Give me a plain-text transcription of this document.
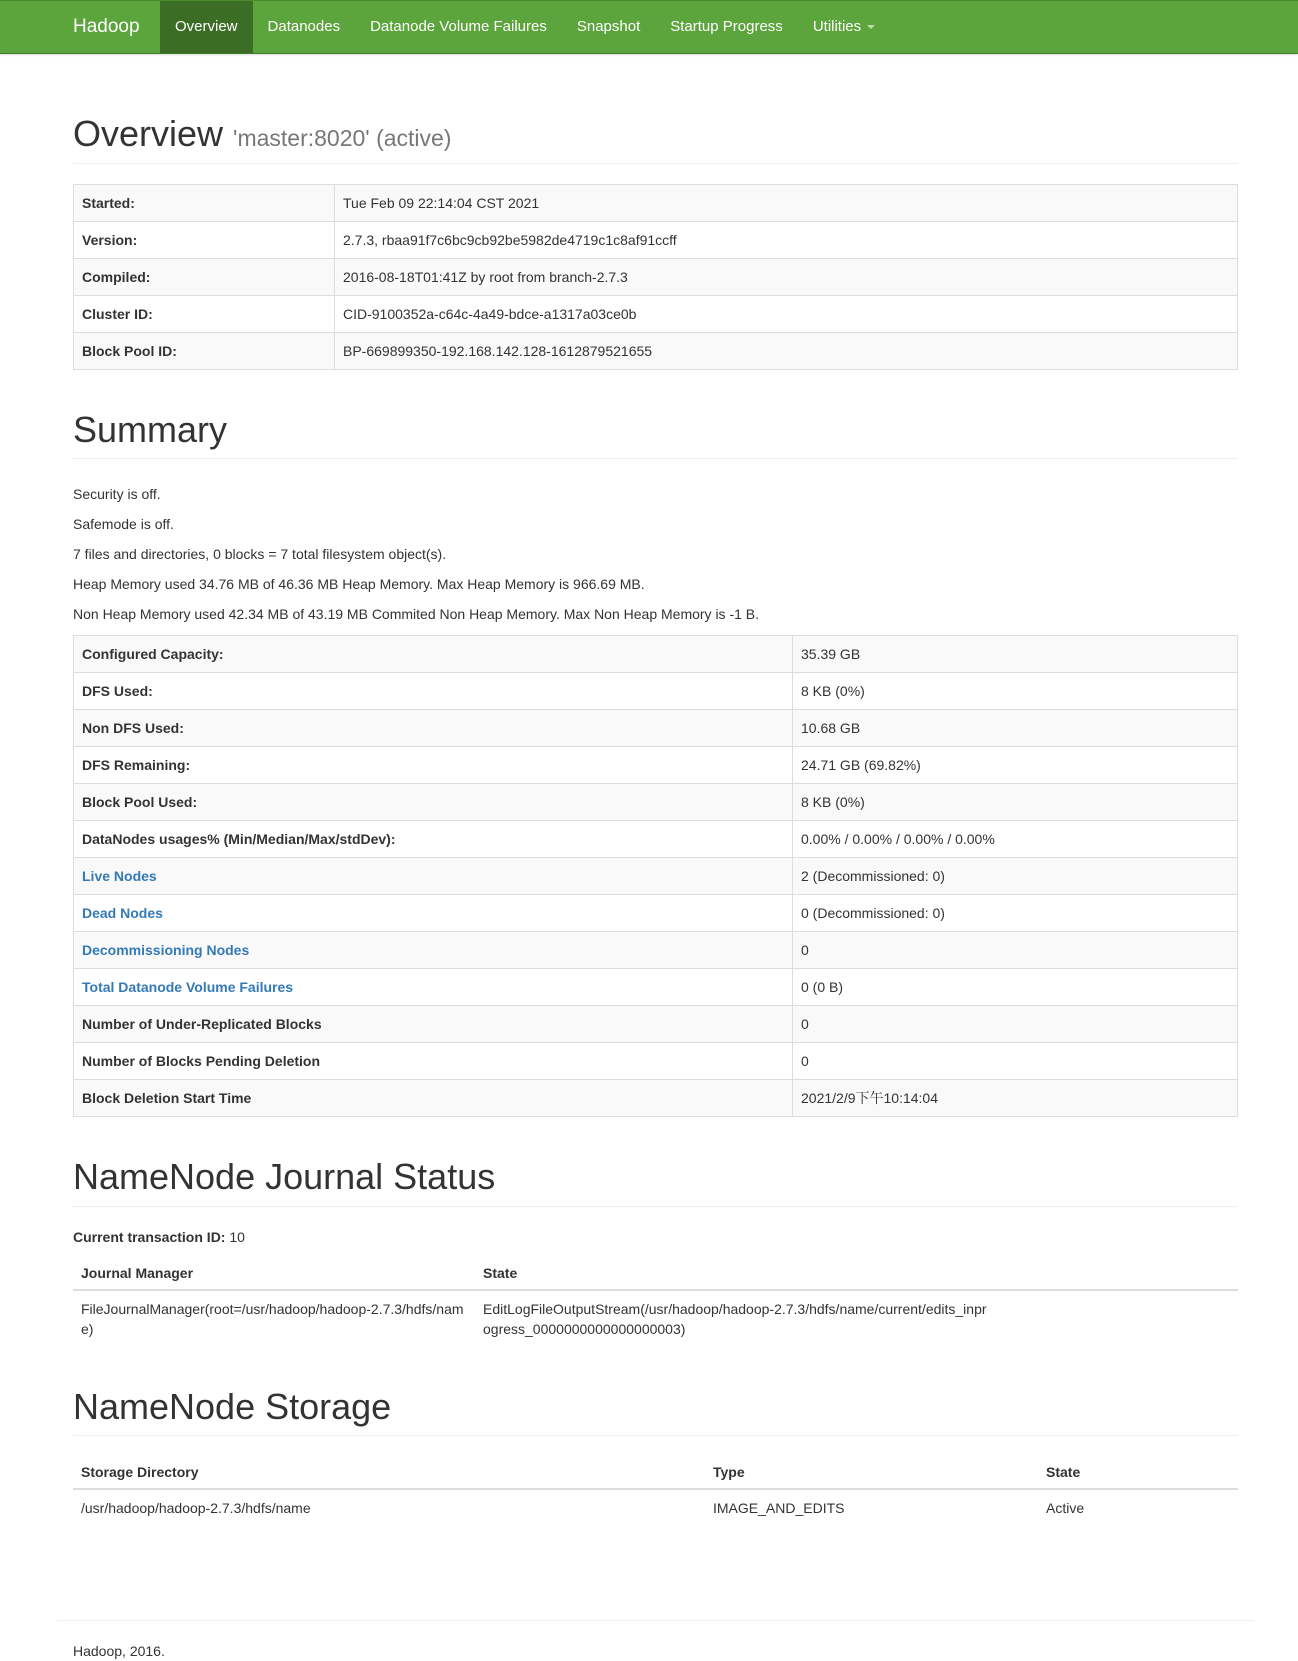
Hadoop	Overview	Datanodes	Datanode Volume Failures	Snapshot	Startup Progress	Utilities
Overview 'master:8020' (active)
Started:	Tue Feb 09 22:14:04 CST 2021
Version:	2.7.3, rbaa91f7c6bc9cb92be5982de4719c1c8af91ccff
Compiled:	2016-08-18T01:41Z by root from branch-2.7.3
Cluster ID:	CID-9100352a-c64c-4a49-bdce-a1317a03ce0b
Block Pool ID:	BP-669899350-192.168.142.128-1612879521655
Summary

Security is off.

Safemode is off.

7 files and directories, 0 blocks = 7 total filesystem object(s).

Heap Memory used 34.76 MB of 46.36 MB Heap Memory. Max Heap Memory is 966.69 MB.

Non Heap Memory used 42.34 MB of 43.19 MB Commited Non Heap Memory. Max Non Heap Memory is -1 B.

Configured Capacity:	35.39 GB
DFS Used:	8 KB (0%)
Non DFS Used:	10.68 GB
DFS Remaining:	24.71 GB (69.82%)
Block Pool Used:	8 KB (0%)
DataNodes usages% (Min/Median/Max/stdDev):	0.00% / 0.00% / 0.00% / 0.00%
Live Nodes	2 (Decommissioned: 0)
Dead Nodes	0 (Decommissioned: 0)
Decommissioning Nodes	0
Total Datanode Volume Failures	0 (0 B)
Number of Under-Replicated Blocks	0
Number of Blocks Pending Deletion	0
Block Deletion Start Time	2021/2/9下午10:14:04
NameNode Journal Status

Current transaction ID: 10

Journal Manager	State
FileJournalManager(root=/usr/hadoop/hadoop-2.7.3/hdfs/name)	EditLogFileOutputStream(/usr/hadoop/hadoop-2.7.3/hdfs/name/current/edits_inprogress_0000000000000000003)
NameNode Storage
Storage Directory	Type	State
/usr/hadoop/hadoop-2.7.3/hdfs/name	IMAGE_AND_EDITS	Active

Hadoop, 2016.
